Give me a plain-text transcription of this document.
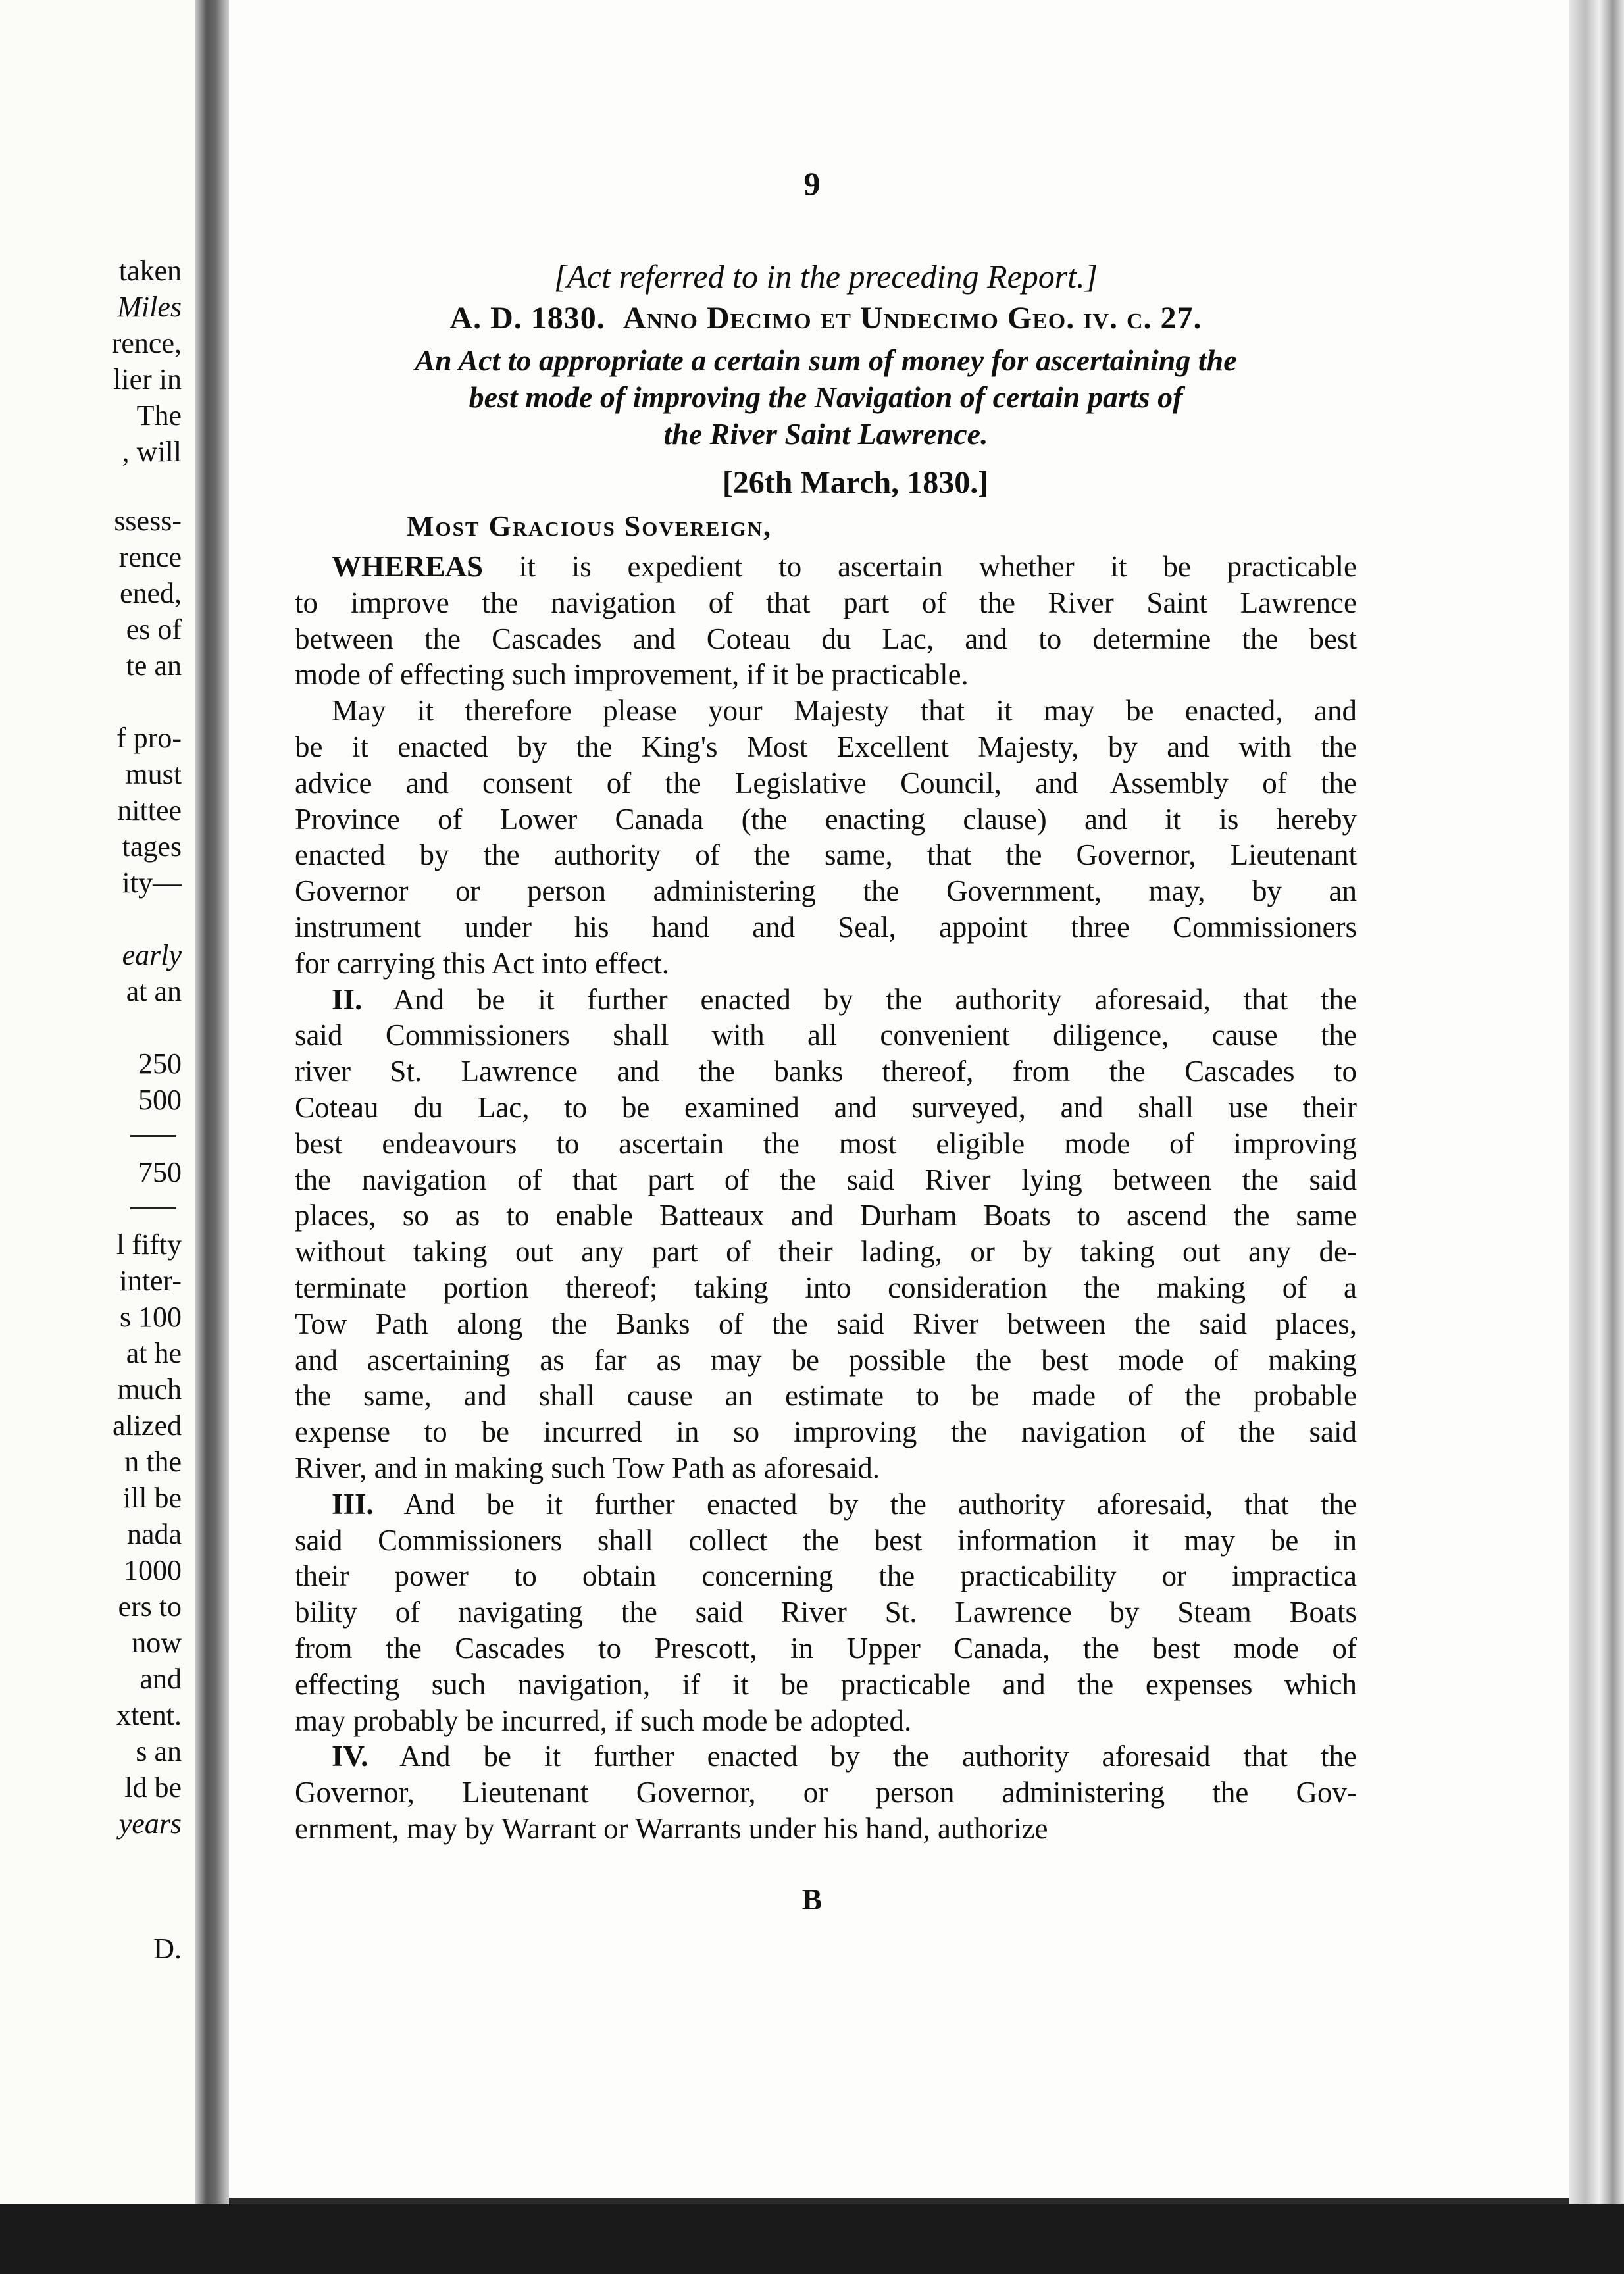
taken
Miles
rence,
lier in
The
, will
ssess-
rence
ened,
es of
te an
f pro-
must
nittee
tages
ity—
early
at an
250
500
750
l fifty
inter-
s 100
at he
much
alized
n the
ill be
nada
1000
ers to
now
and
xtent.
s an
ld be
years
D.
9
[Act referred to in the preceding Report.]
A. D. 1830. Anno Decimo et Undecimo Geo. iv. c. 27.
An Act to appropriate a certain sum of money for ascertaining the
best mode of improving the Navigation of certain parts of
the River Saint Lawrence.
[26th March, 1830.]
Most Gracious Sovereign,
WHEREAS it is expedient to ascertain whether it be practicable
to improve the navigation of that part of the River Saint Lawrence
between the Cascades and Coteau du Lac, and to determine the best
mode of effecting such improvement, if it be practicable.
May it therefore please your Majesty that it may be enacted, and
be it enacted by the King's Most Excellent Majesty, by and with the
advice and consent of the Legislative Council, and Assembly of the
Province of Lower Canada (the enacting clause) and it is hereby
enacted by the authority of the same, that the Governor, Lieutenant
Governor or person administering the Government, may, by an
instrument under his hand and Seal, appoint three Commissioners
for carrying this Act into effect.
II. And be it further enacted by the authority aforesaid, that the
said Commissioners shall with all convenient diligence, cause the
river St. Lawrence and the banks thereof, from the Cascades to
Coteau du Lac, to be examined and surveyed, and shall use their
best endeavours to ascertain the most eligible mode of improving
the navigation of that part of the said River lying between the said
places, so as to enable Batteaux and Durham Boats to ascend the same
without taking out any part of their lading, or by taking out any de-
terminate portion thereof; taking into consideration the making of a
Tow Path along the Banks of the said River between the said places,
and ascertaining as far as may be possible the best mode of making
the same, and shall cause an estimate to be made of the probable
expense to be incurred in so improving the navigation of the said
River, and in making such Tow Path as aforesaid.
III. And be it further enacted by the authority aforesaid, that the
said Commissioners shall collect the best information it may be in
their power to obtain concerning the practicability or impractica
bility of navigating the said River St. Lawrence by Steam Boats
from the Cascades to Prescott, in Upper Canada, the best mode of
effecting such navigation, if it be practicable and the expenses which
may probably be incurred, if such mode be adopted.
IV. And be it further enacted by the authority aforesaid that the
Governor, Lieutenant Governor, or person administering the Gov-
ernment, may by Warrant or Warrants under his hand, authorize
B
